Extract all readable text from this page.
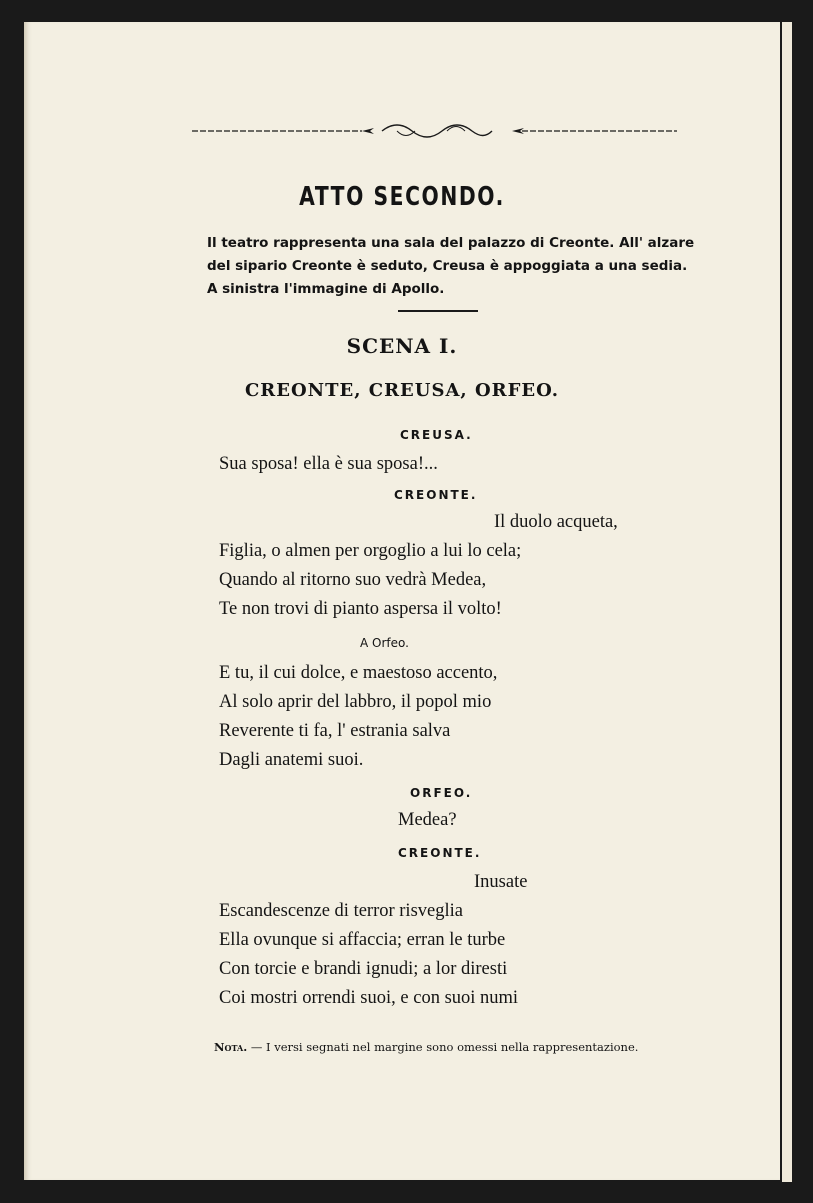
ATTO SECONDO.
Il teatro rappresenta una sala del palazzo di Creonte. All' alzare del sipario Creonte è seduto, Creusa è appoggiata a una sedia. A sinistra l'immagine di Apollo.
SCENA I.
CREONTE, CREUSA, ORFEO.
CREUSA.
Sua sposa! ella è sua sposa!...
CREONTE.
Il duolo acqueta,
Figlia, o almen per orgoglio a lui lo cela;
Quando al ritorno suo vedrà Medea,
Te non trovi di pianto aspersa il volto!
A Orfeo.
E tu, il cui dolce, e maestoso accento,
Al solo aprir del labbro, il popol mio
Reverente ti fa, l' estrania salva
Dagli anatemi suoi.
ORFEO.
Medea?
CREONTE.
Inusate
Escandescenze di terror risveglia
Ella ovunque si affaccia; erran le turbe
Con torcie e brandi ignudi; a lor diresti
Coi mostri orrendi suoi, e con suoi numi
Nota. — I versi segnati nel margine sono omessi nella rappresentazione.
